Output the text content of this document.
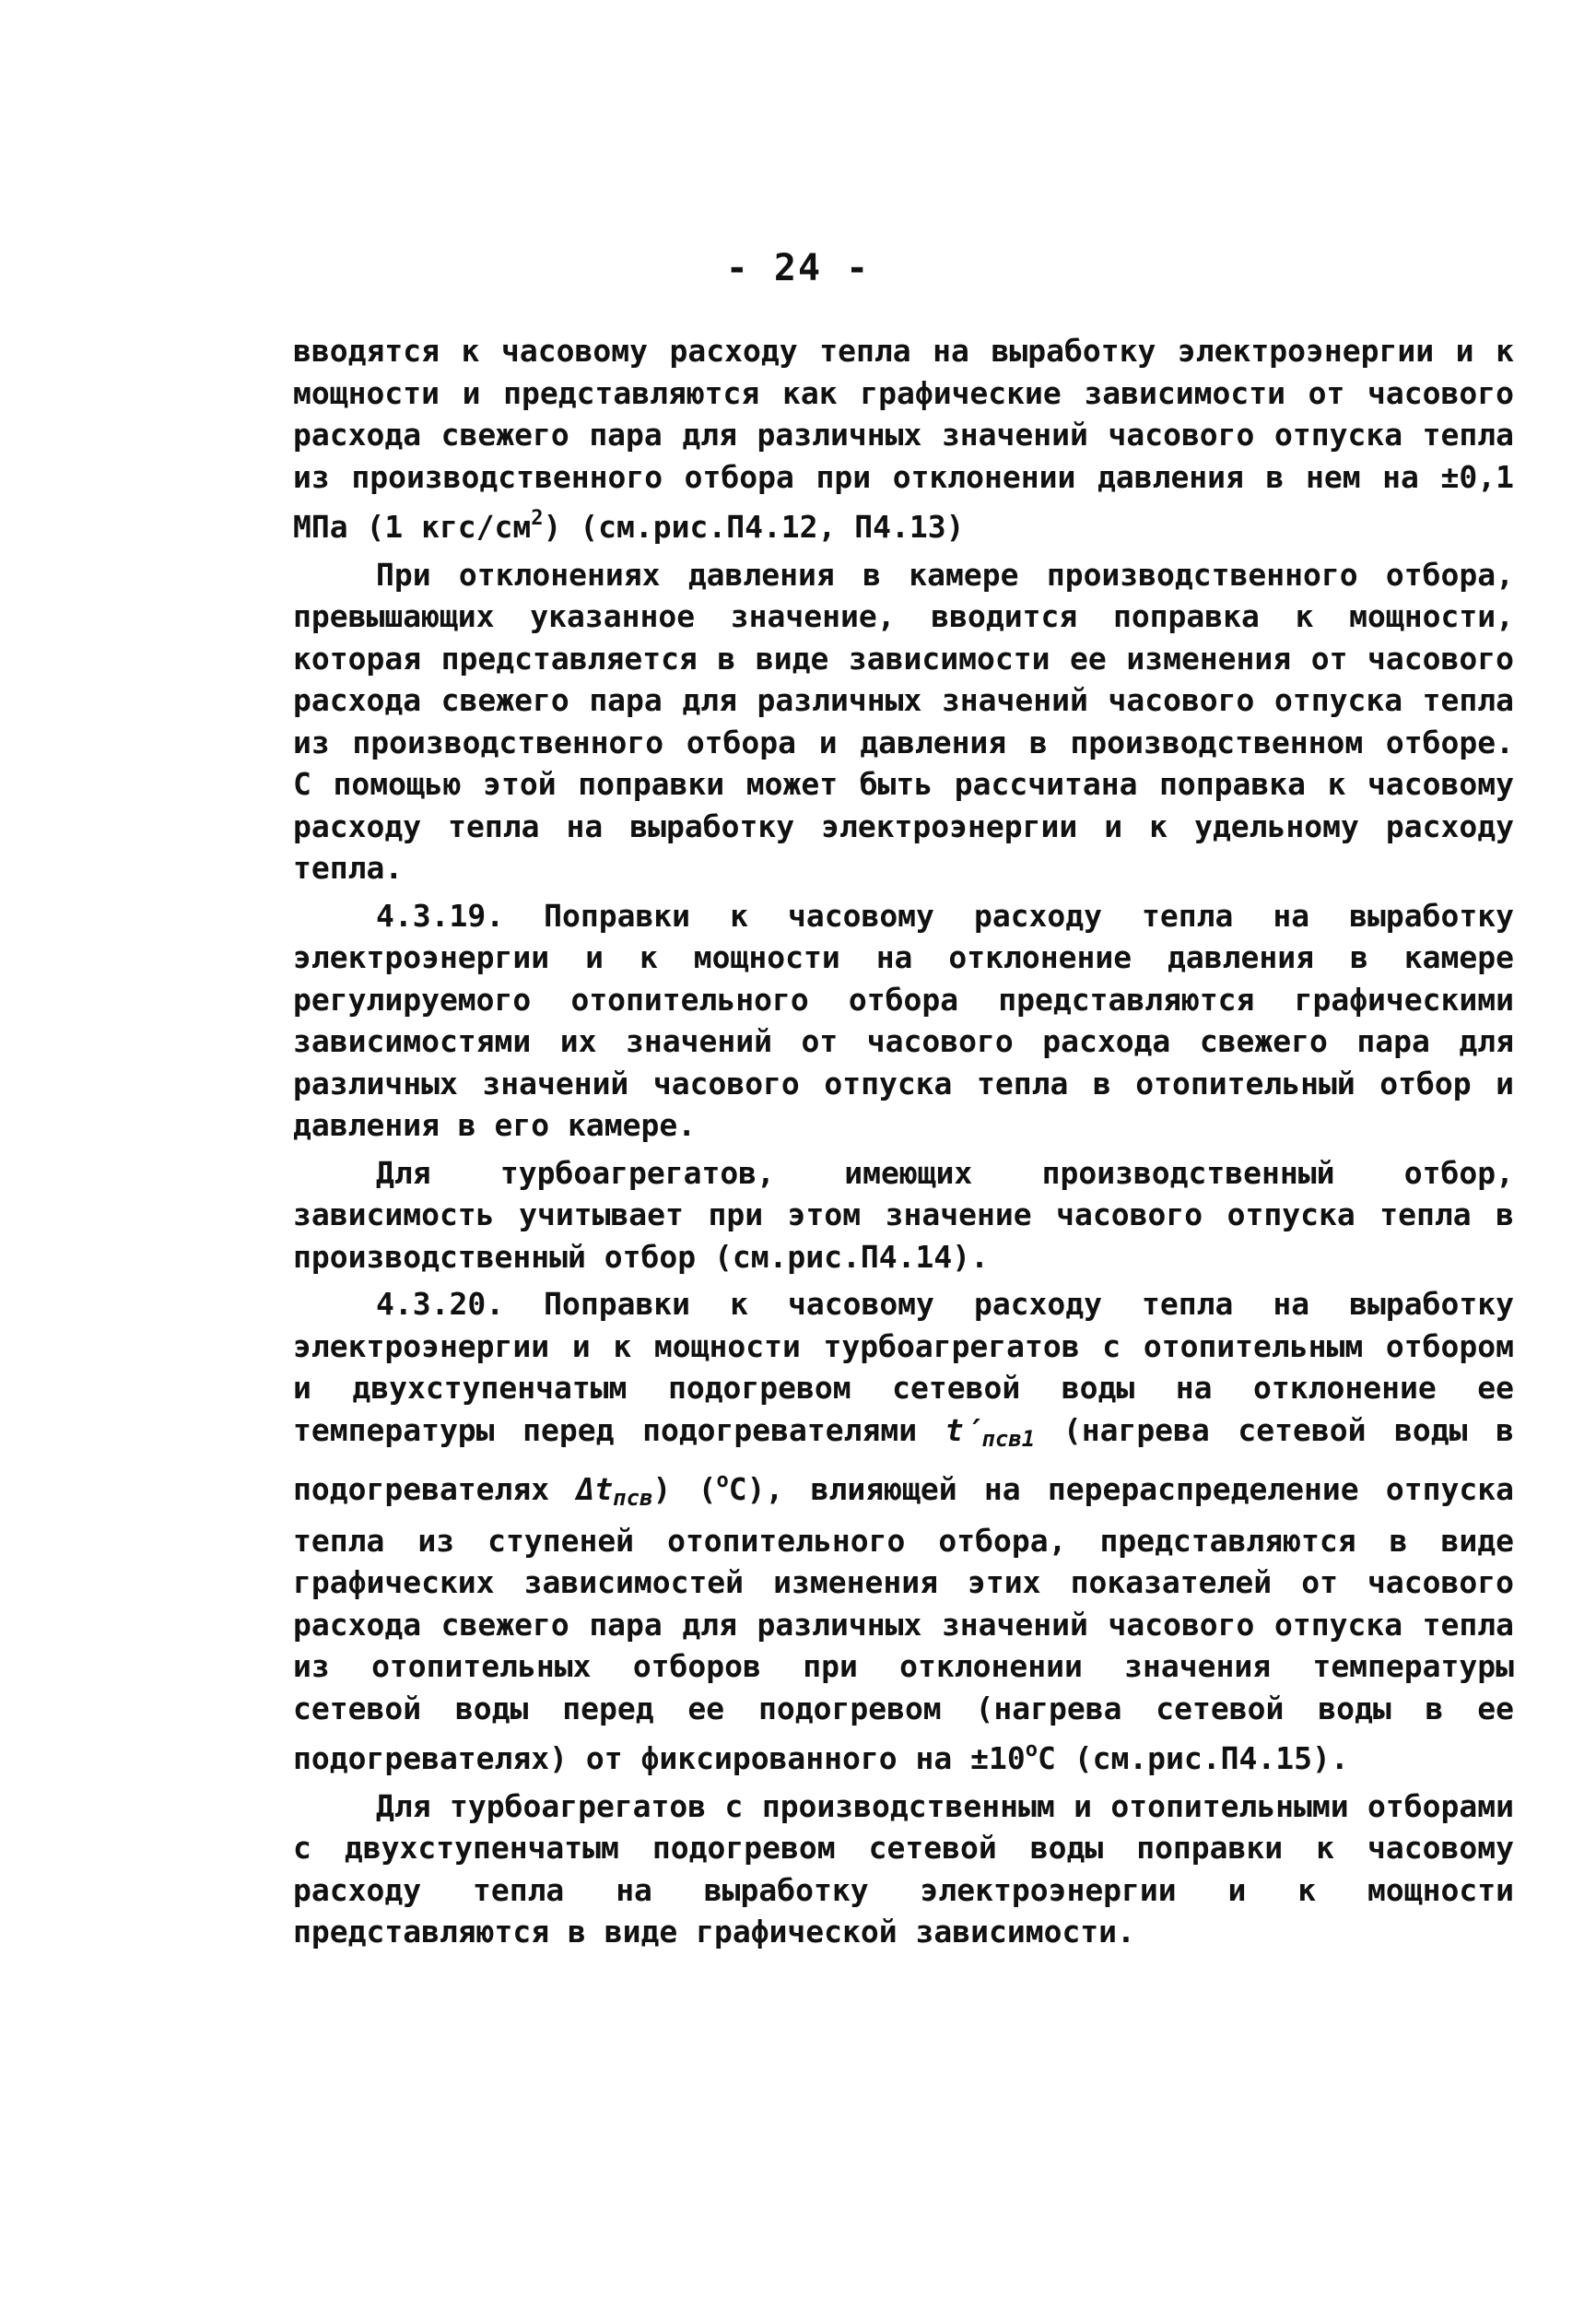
- 24 -

вводятся к часовому расходу тепла на выработку электроэнергии и к мощности и представляются как графические зависимости от часового расхода свежего пара для различных значений часового отпуска тепла из производственного отбора при отклонении давления в нем на ±0,1 МПа (1 кгс/$см^2$) (см.рис.П4.12, П4.13)

При отклонениях давления в камере производственного отбора, превышающих указанное значение, вводится поправка к мощности, которая представляется в виде зависимости ее изменения от часового расхода свежего пара для различных значений часового отпуска тепла из производственного отбора и давления в производственном отборе. С помощью этой поправки может быть рассчитана поправка к часовому расходу тепла на выработку электроэнергии и к удельному расходу тепла.

4.3.19. Поправки к часовому расходу тепла на выработку электроэнергии и к мощности на отклонение давления в камере регулируемого отопительного отбора представляются графическими зависимостями их значений от часового расхода свежего пара для различных значений часового отпуска тепла в отопительный отбор и давления в его камере.

Для турбоагрегатов, имеющих производственный отбор, зависимость учитывает при этом значение часового отпуска тепла в производственный отбор (см.рис.П4.14).

4.3.20. Поправки к часовому расходу тепла на выработку электроэнергии и к мощности турбоагрегатов с отопительным отбором и двухступенчатым подогревом сетевой воды на отклонение ее температуры перед подогревателями $t'_{псв1}$ (нагрева сетевой воды в подогревателях $\Delta t_{псв}$) ($^о$С), влияющей на перераспределение отпуска тепла из ступеней отопительного отбора, представляются в виде графических зависимостей изменения этих показателей от часового расхода свежего пара для различных значений часового отпуска тепла из отопительных отборов при отклонении значения температуры сетевой воды перед ее подогревом (нагрева сетевой воды в ее подогревателях) от фиксированного на $\pm 10^оС$ (см.рис.П4.15).

Для турбоагрегатов с производственным и отопительными отборами с двухступенчатым подогревом сетевой воды поправки к часовому расходу тепла на выработку электроэнергии и к мощности представляются в виде графической зависимости.
